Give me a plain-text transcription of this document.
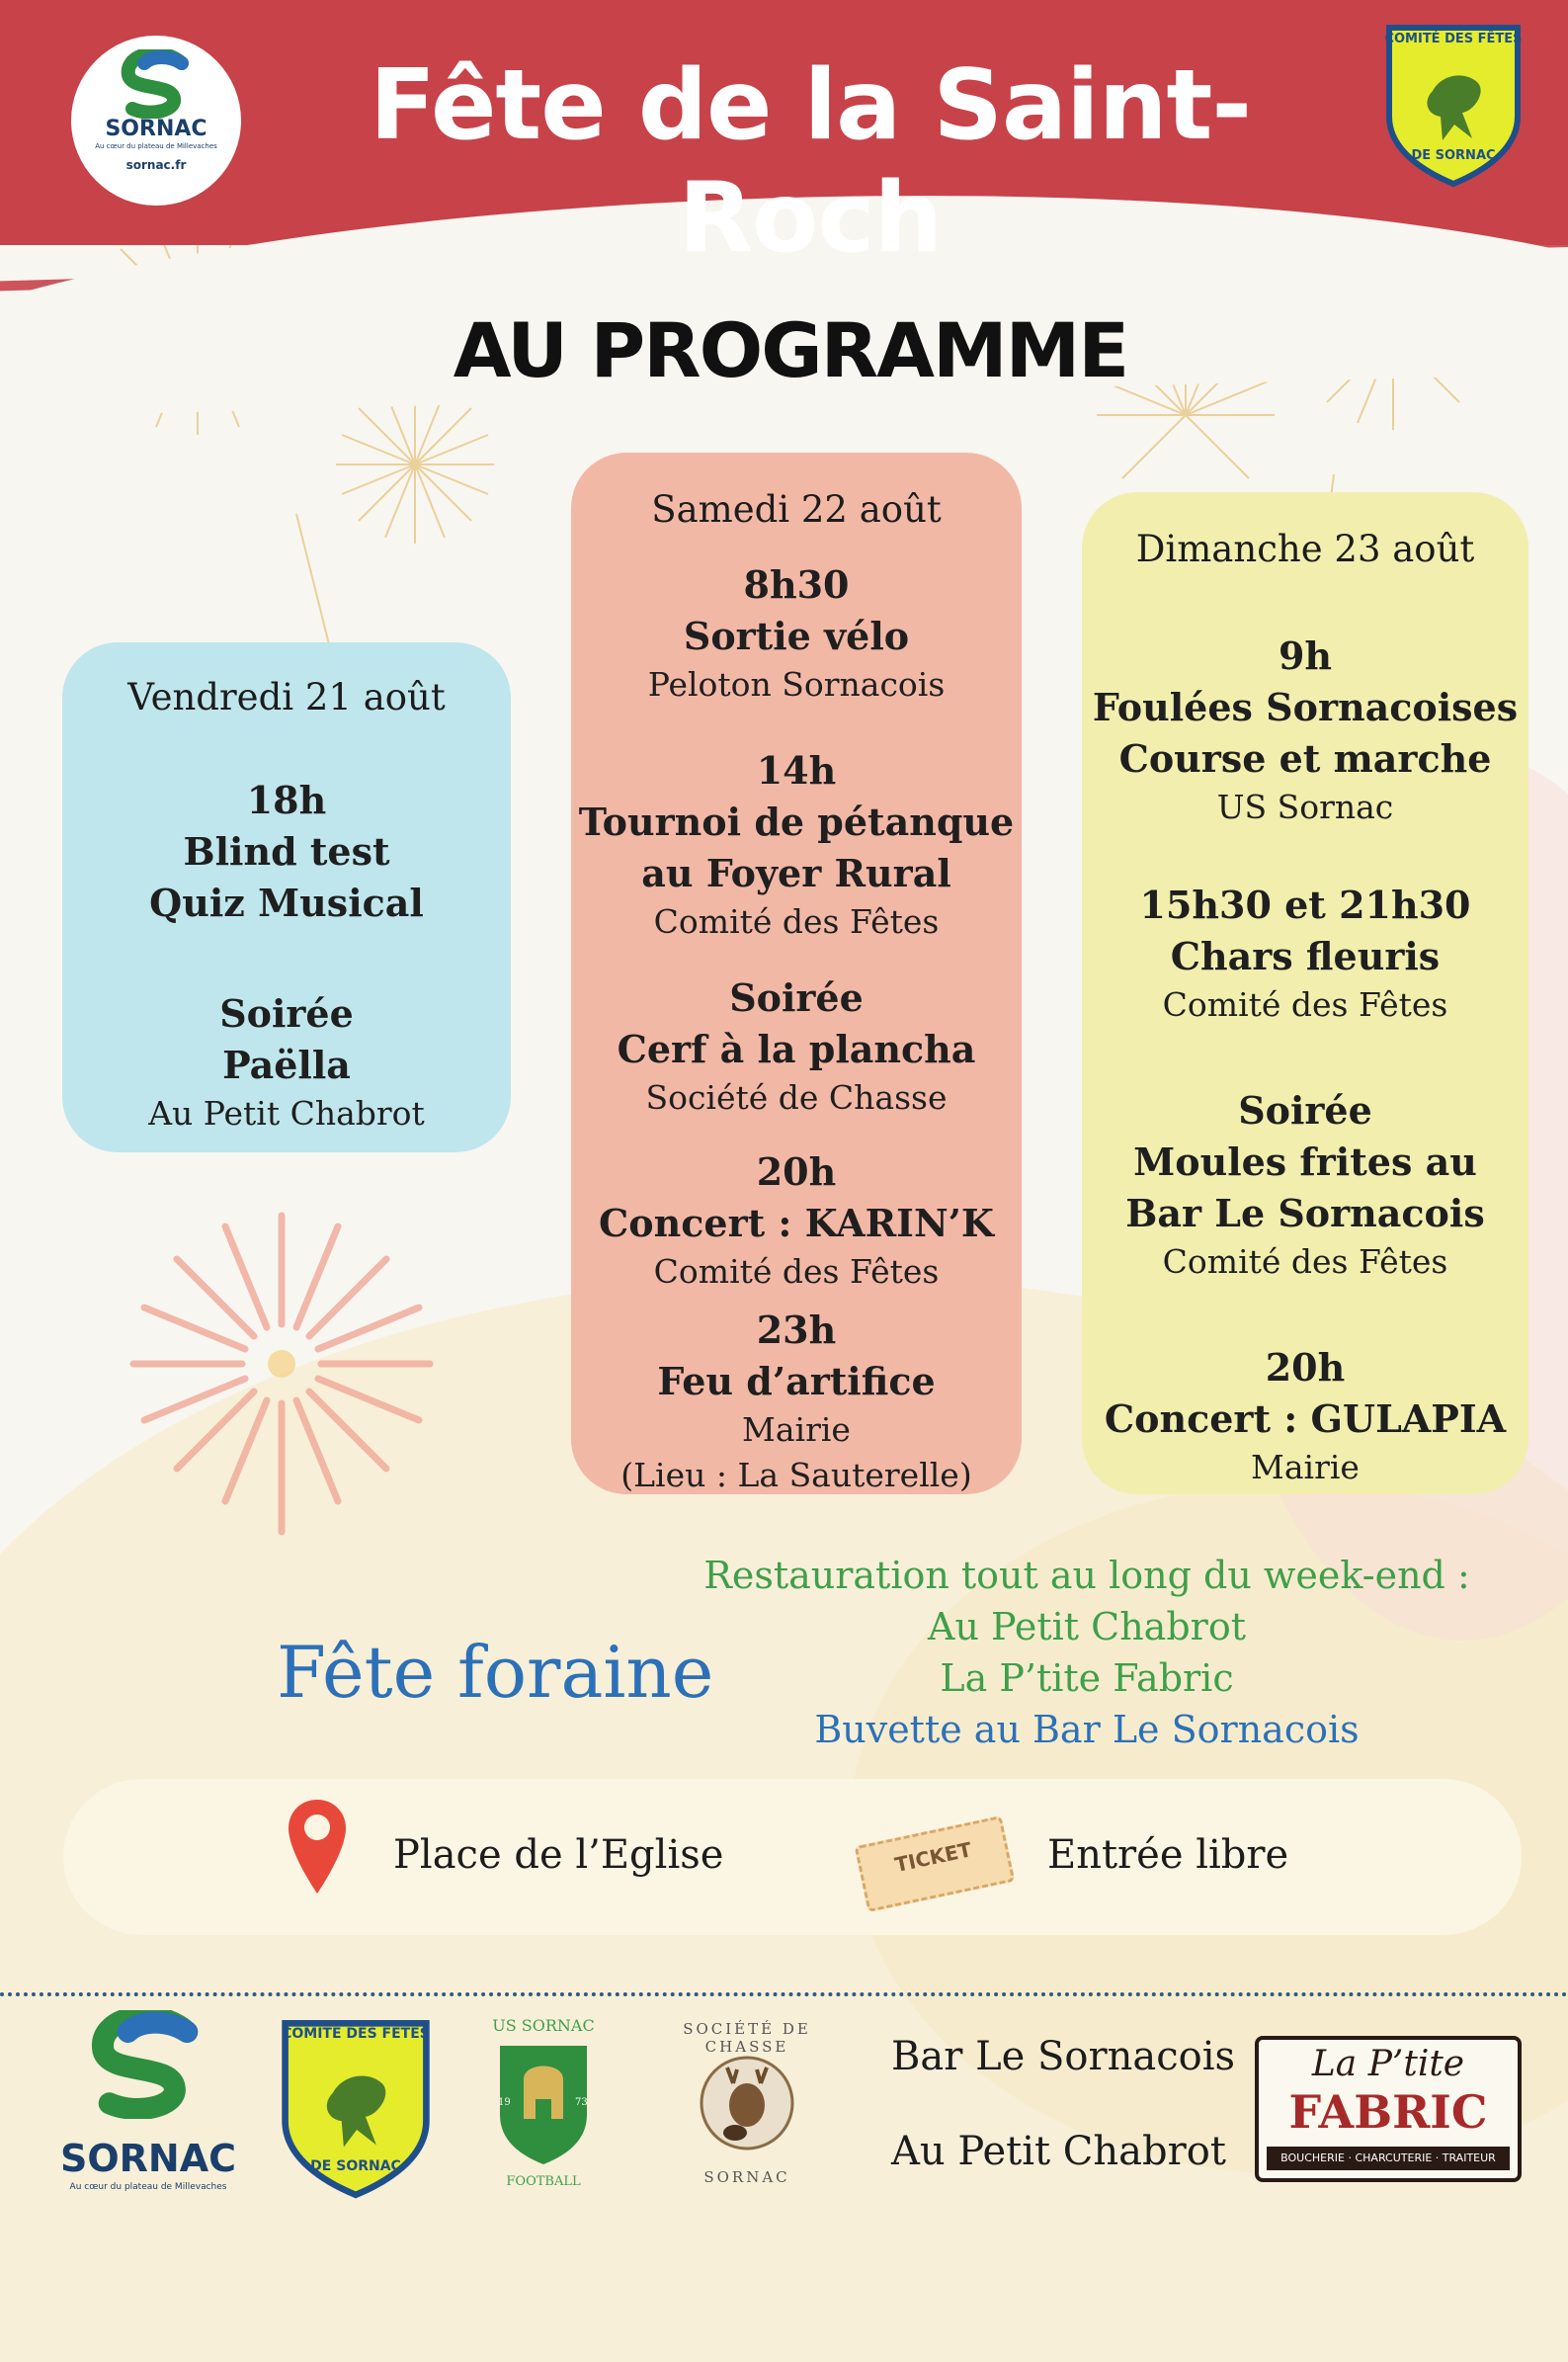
SORNAC
Au cœur du plateau de Millevaches
sornac.fr
Fête de la Saint-Roch
COMITÉ DES FÊTES
DE SORNAC
AU PROGRAMME
Vendredi 21 août
18h
Blind test
Quiz Musical
Soirée
Paëlla
Au Petit Chabrot
Samedi 22 août
8h30
Sortie vélo
Peloton Sornacois
14h
Tournoi de pétanque
au Foyer Rural
Comité des Fêtes
Soirée
Cerf à la plancha
Société de Chasse
20h
Concert : KARIN’K
Comité des Fêtes
23h
Feu d’artifice
Mairie
(Lieu : La Sauterelle)
Dimanche 23 août
9h
Foulées Sornacoises
Course et marche
US Sornac
15h30 et 21h30
Chars fleuris
Comité des Fêtes
Soirée
Moules frites au
Bar Le Sornacois
Comité des Fêtes
20h
Concert : GULAPIA
Mairie
Restauration tout au long du week-end :
Au Petit Chabrot
La P’tite Fabric
Buvette au Bar Le Sornacois
Fête foraine
Place de l’Eglise	TICKET	Entrée libre
SORNAC
Au cœur du plateau de Millevaches
COMITÉ DES FÊTES
DE SORNAC
US SORNAC
19	73
FOOTBALL
SOCIÉTÉ DE CHASSE
SORNAC
Bar Le Sornacois
Au Petit Chabrot
La P’tite
FABRIC
BOUCHERIE · CHARCUTERIE · TRAITEUR
